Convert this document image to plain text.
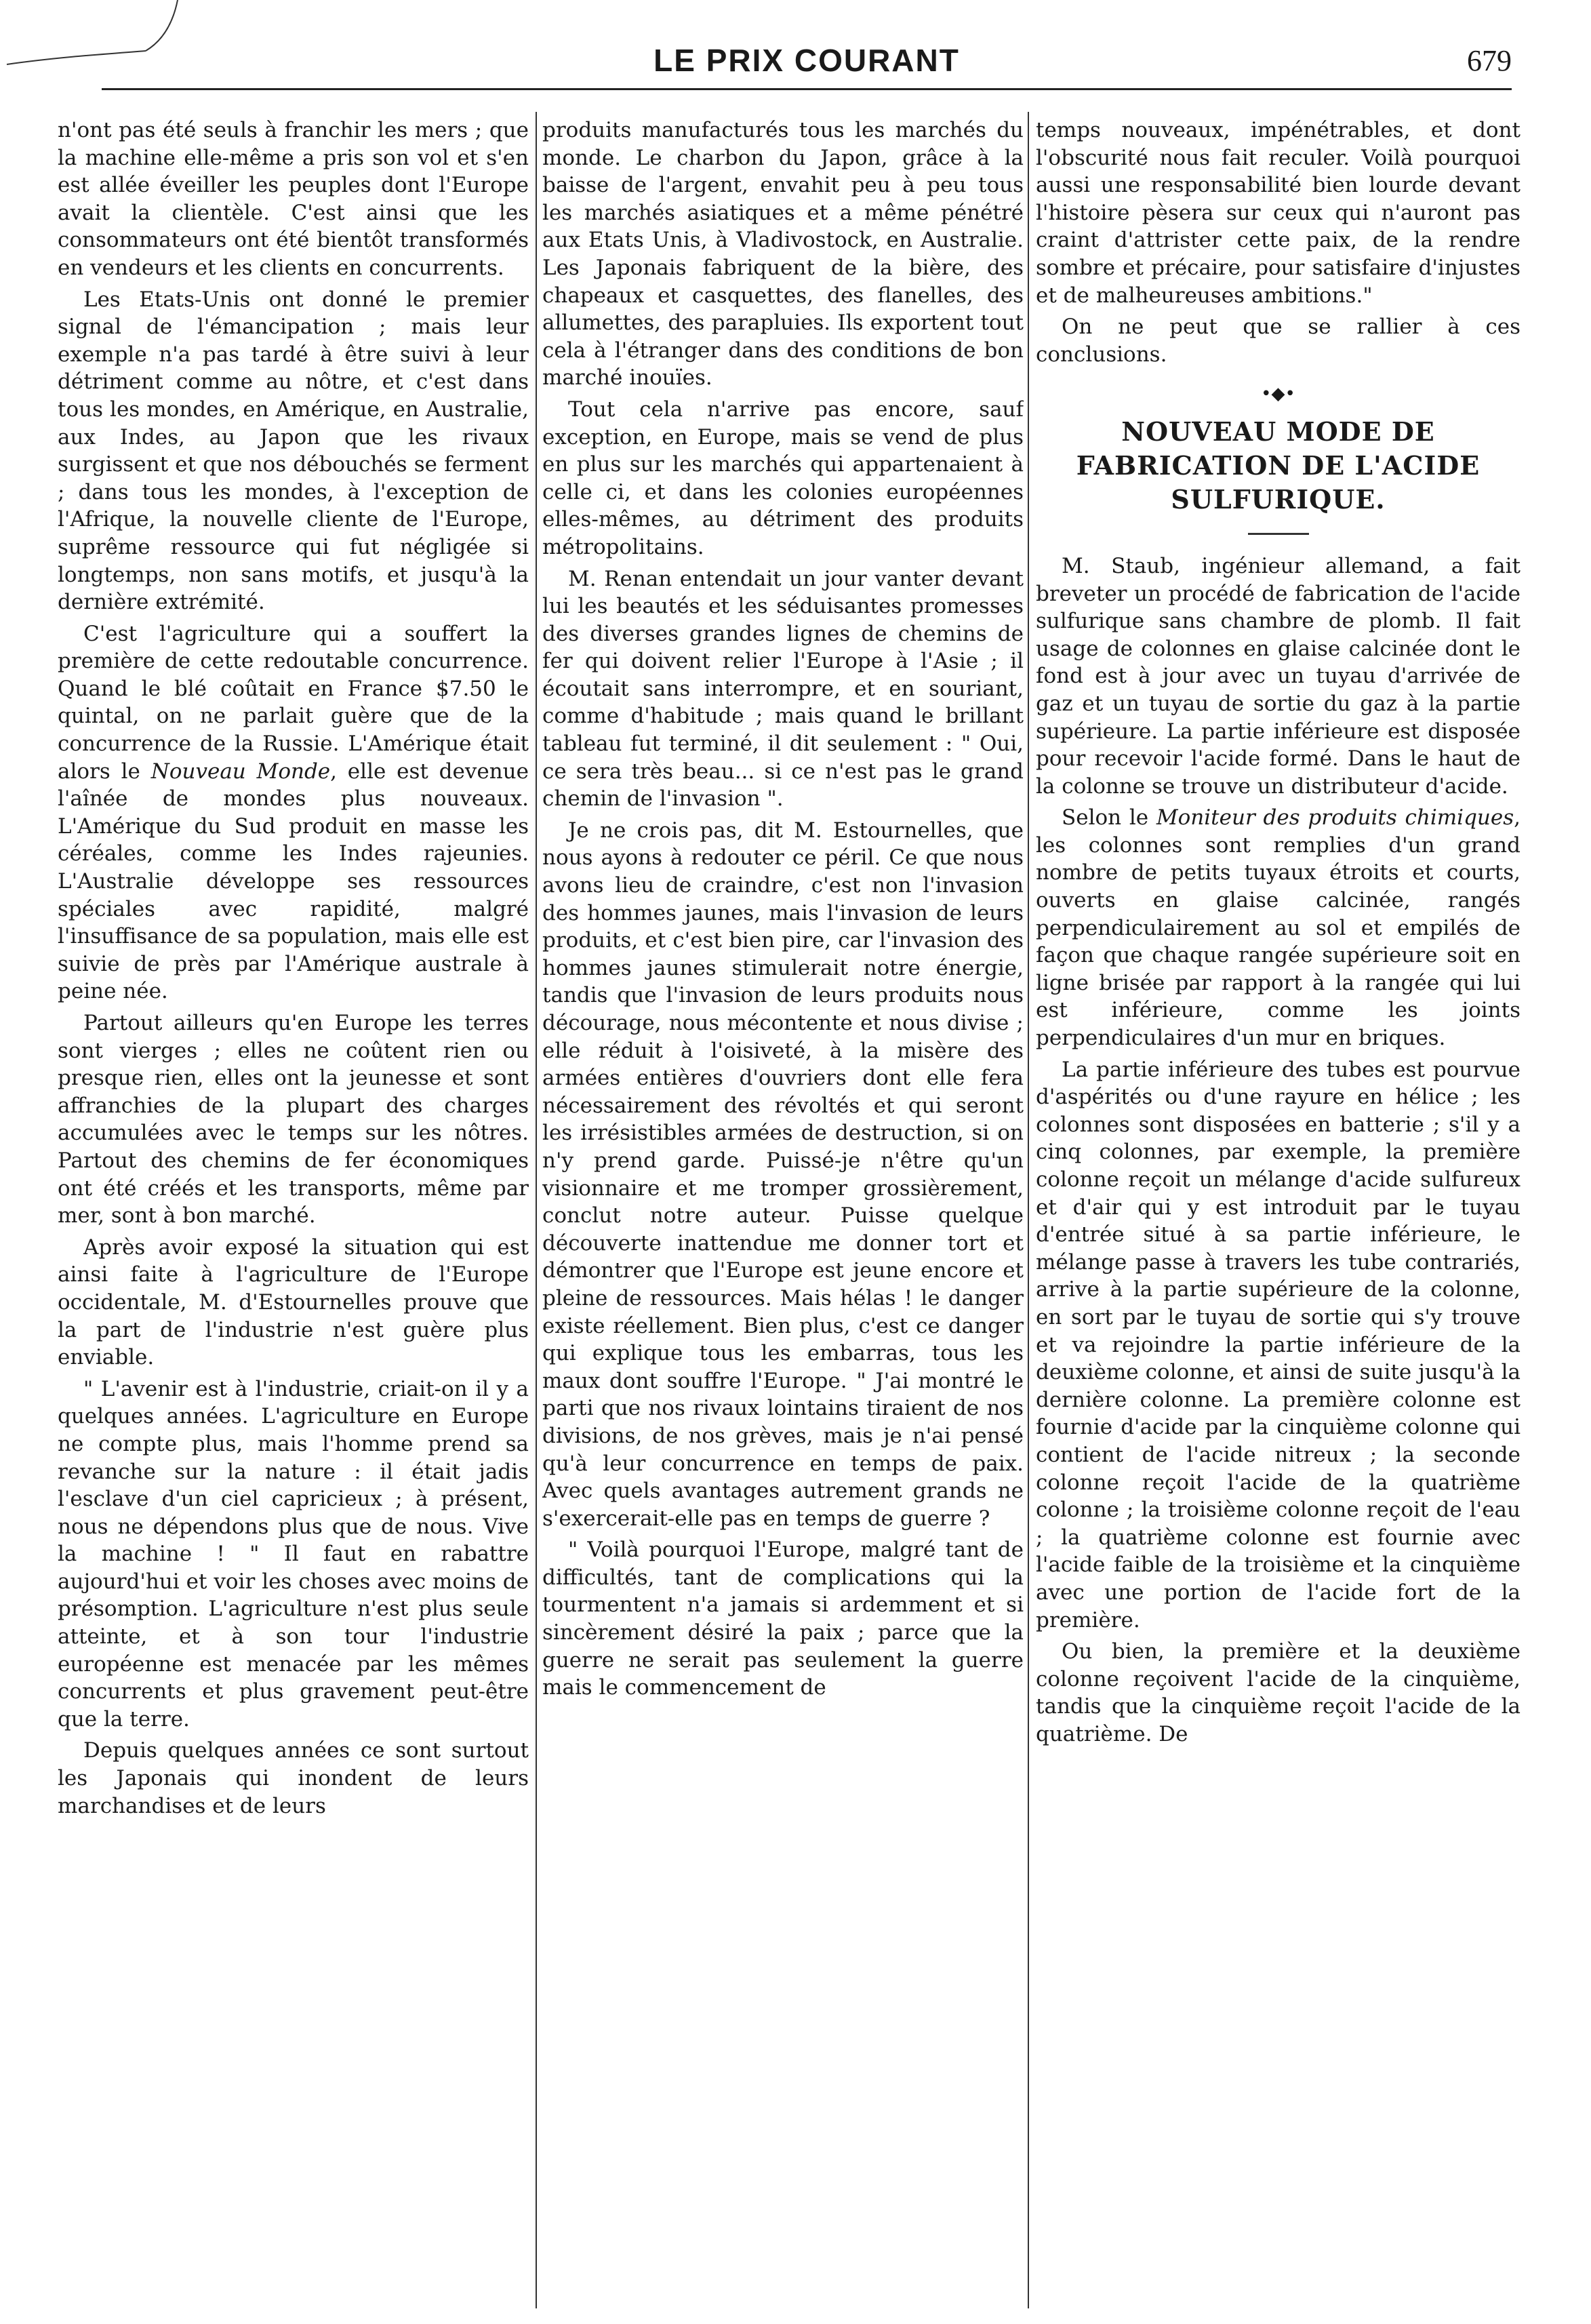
LE PRIX COURANT	679

n'ont pas été seuls à franchir les mers ; que la machine elle-même a pris son vol et s'en est allée éveiller les peuples dont l'Europe avait la clientèle. C'est ainsi que les consommateurs ont été bientôt transformés en vendeurs et les clients en concurrents.

Les Etats-Unis ont donné le premier signal de l'émancipation ; mais leur exemple n'a pas tardé à être suivi à leur détriment comme au nôtre, et c'est dans tous les mondes, en Amérique, en Australie, aux Indes, au Japon que les rivaux surgissent et que nos débouchés se ferment ; dans tous les mondes, à l'exception de l'Afrique, la nouvelle cliente de l'Europe, suprême ressource qui fut négligée si longtemps, non sans motifs, et jusqu'à la dernière extrémité.

C'est l'agriculture qui a souffert la première de cette redoutable concurrence. Quand le blé coûtait en France $7.50 le quintal, on ne parlait guère que de la concurrence de la Russie. L'Amérique était alors le Nouveau Monde, elle est devenue l'aînée de mondes plus nouveaux. L'Amérique du Sud produit en masse les céréales, comme les Indes rajeunies. L'Australie développe ses ressources spéciales avec rapidité, malgré l'insuffisance de sa population, mais elle est suivie de près par l'Amérique australe à peine née.

Partout ailleurs qu'en Europe les terres sont vierges ; elles ne coûtent rien ou presque rien, elles ont la jeunesse et sont affranchies de la plupart des charges accumulées avec le temps sur les nôtres. Partout des chemins de fer économiques ont été créés et les transports, même par mer, sont à bon marché.

Après avoir exposé la situation qui est ainsi faite à l'agriculture de l'Europe occidentale, M. d'Estournelles prouve que la part de l'industrie n'est guère plus enviable.

" L'avenir est à l'industrie, criait-on il y a quelques années. L'agriculture en Europe ne compte plus, mais l'homme prend sa revanche sur la nature : il était jadis l'esclave d'un ciel capricieux ; à présent, nous ne dépendons plus que de nous. Vive la machine ! " Il faut en rabattre aujourd'hui et voir les choses avec moins de présomption. L'agriculture n'est plus seule atteinte, et à son tour l'industrie européenne est menacée par les mêmes concurrents et plus gravement peut-être que la terre.

Depuis quelques années ce sont surtout les Japonais qui inondent de leurs marchandises et de leurs

produits manufacturés tous les marchés du monde. Le charbon du Japon, grâce à la baisse de l'argent, envahit peu à peu tous les marchés asiatiques et a même pénétré aux Etats Unis, à Vladivostock, en Australie. Les Japonais fabriquent de la bière, des chapeaux et casquettes, des flanelles, des allumettes, des parapluies. Ils exportent tout cela à l'étranger dans des conditions de bon marché inouïes.

Tout cela n'arrive pas encore, sauf exception, en Europe, mais se vend de plus en plus sur les marchés qui appartenaient à celle ci, et dans les colonies européennes elles-mêmes, au détriment des produits métropolitains.

M. Renan entendait un jour vanter devant lui les beautés et les séduisantes promesses des diverses grandes lignes de chemins de fer qui doivent relier l'Europe à l'Asie ; il écoutait sans interrompre, et en souriant, comme d'habitude ; mais quand le brillant tableau fut terminé, il dit seulement : " Oui, ce sera très beau... si ce n'est pas le grand chemin de l'invasion ".

Je ne crois pas, dit M. Estournelles, que nous ayons à redouter ce péril. Ce que nous avons lieu de craindre, c'est non l'invasion des hommes jaunes, mais l'invasion de leurs produits, et c'est bien pire, car l'invasion des hommes jaunes stimulerait notre énergie, tandis que l'invasion de leurs produits nous décourage, nous mécontente et nous divise ; elle réduit à l'oisiveté, à la misère des armées entières d'ouvriers dont elle fera nécessairement des révoltés et qui seront les irrésistibles armées de destruction, si on n'y prend garde. Puissé-je n'être qu'un visionnaire et me tromper grossièrement, conclut notre auteur. Puisse quelque découverte inattendue me donner tort et démontrer que l'Europe est jeune encore et pleine de ressources. Mais hélas ! le danger existe réellement. Bien plus, c'est ce danger qui explique tous les embarras, tous les maux dont souffre l'Europe. " J'ai montré le parti que nos rivaux lointains tiraient de nos divisions, de nos grèves, mais je n'ai pensé qu'à leur concurrence en temps de paix. Avec quels avantages autrement grands ne s'exercerait-elle pas en temps de guerre ?

" Voilà pourquoi l'Europe, malgré tant de difficultés, tant de complications qui la tourmentent n'a jamais si ardemment et si sincèrement désiré la paix ; parce que la guerre ne serait pas seulement la guerre mais le commencement de

temps nouveaux, impénétrables, et dont l'obscurité nous fait reculer. Voilà pourquoi aussi une responsabilité bien lourde devant l'histoire pèsera sur ceux qui n'auront pas craint d'attrister cette paix, de la rendre sombre et précaire, pour satisfaire d'injustes et de malheureuses ambitions."

On ne peut que se rallier à ces conclusions.

•◆•
NOUVEAU MODE DE FABRICATION DE L'ACIDE SULFURIQUE.

M. Staub, ingénieur allemand, a fait breveter un procédé de fabrication de l'acide sulfurique sans chambre de plomb. Il fait usage de colonnes en glaise calcinée dont le fond est à jour avec un tuyau d'arrivée de gaz et un tuyau de sortie du gaz à la partie supérieure. La partie inférieure est disposée pour recevoir l'acide formé. Dans le haut de la colonne se trouve un distributeur d'acide.

Selon le Moniteur des produits chimiques, les colonnes sont remplies d'un grand nombre de petits tuyaux étroits et courts, ouverts en glaise calcinée, rangés perpendiculairement au sol et empilés de façon que chaque rangée supérieure soit en ligne brisée par rapport à la rangée qui lui est inférieure, comme les joints perpendiculaires d'un mur en briques.

La partie inférieure des tubes est pourvue d'aspérités ou d'une rayure en hélice ; les colonnes sont disposées en batterie ; s'il y a cinq colonnes, par exemple, la première colonne reçoit un mélange d'acide sulfureux et d'air qui y est introduit par le tuyau d'entrée situé à sa partie inférieure, le mélange passe à travers les tube contrariés, arrive à la partie supérieure de la colonne, en sort par le tuyau de sortie qui s'y trouve et va rejoindre la partie inférieure de la deuxième colonne, et ainsi de suite jusqu'à la dernière colonne. La première colonne est fournie d'acide par la cinquième colonne qui contient de l'acide nitreux ; la seconde colonne reçoit l'acide de la quatrième colonne ; la troisième colonne reçoit de l'eau ; la quatrième colonne est fournie avec l'acide faible de la troisième et la cinquième avec une portion de l'acide fort de la première.

Ou bien, la première et la deuxième colonne reçoivent l'acide de la cinquième, tandis que la cinquième reçoit l'acide de la quatrième. De
